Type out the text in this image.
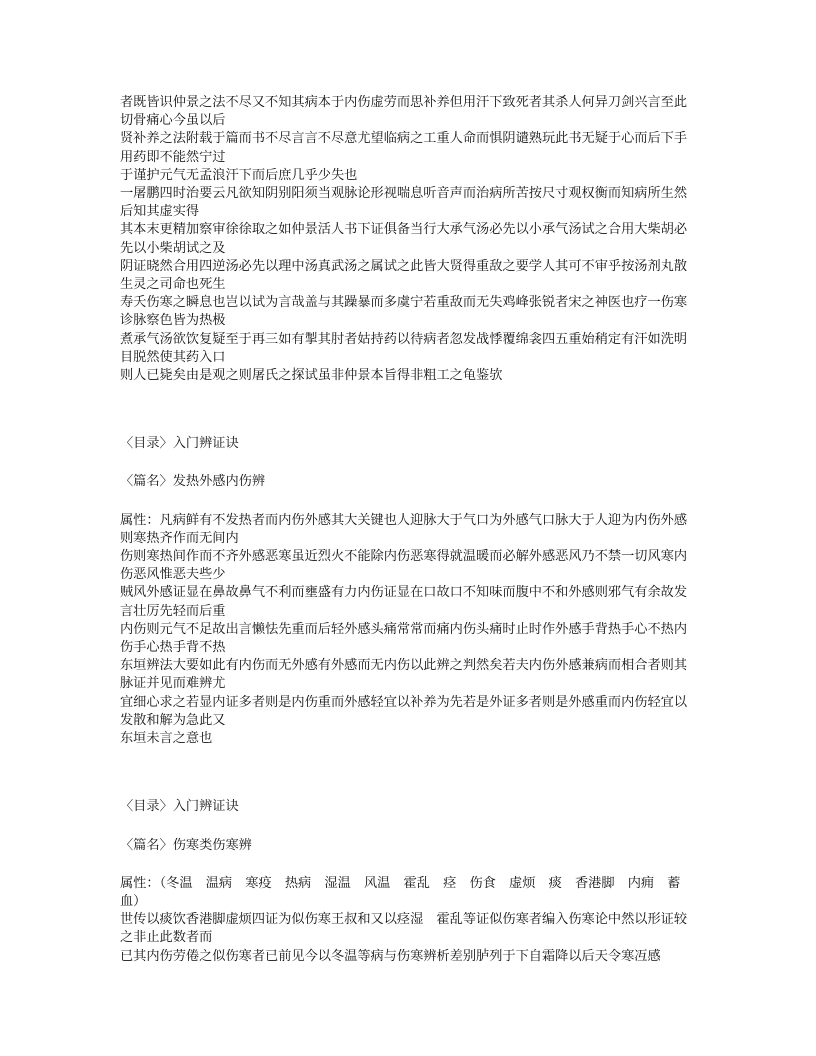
者既皆识仲景之法不尽又不知其病本于内伤虚劳而思补养但用汗下致死者其杀人何异刀剑兴言至此切骨痛心今虽以后

贤补养之法附载于篇而书不尽言言不尽意尤望临病之工重人命而惧阴谴熟玩此书无疑于心而后下手用药即不能然宁过

于谨护元气无孟浪汗下而后庶几乎少失也

一屠鹏四时治要云凡欲知阴别阳须当观脉论形视喘息听音声而治病所苦按尺寸观权衡而知病所生然后知其虚实得

其本末更精加察审徐徐取之如仲景活人书下证俱备当行大承气汤必先以小承气汤试之合用大柴胡必先以小柴胡试之及

阴证晓然合用四逆汤必先以理中汤真武汤之属试之此皆大贤得重敌之要学人其可不审乎按汤剂丸散生灵之司命也死生

寿夭伤寒之瞬息也岂以试为言哉盖与其躁暴而多虞宁若重敌而无失鸡峰张锐者宋之神医也疗一伤寒诊脉察色皆为热极

煮承气汤欲饮复疑至于再三如有掣其肘者姑持药以待病者忽发战悸覆绵衾四五重始稍定有汗如洗明目脱然使其药入口

则人已毙矣由是观之则屠氏之探试虽非仲景本旨得非粗工之龟鉴欤

〈目录〉入门辨证诀

〈篇名〉发热外感内伤辨

属性：凡病鲜有不发热者而内伤外感其大关键也人迎脉大于气口为外感气口脉大于人迎为内伤外感则寒热齐作而无间内

伤则寒热间作而不齐外感恶寒虽近烈火不能除内伤恶寒得就温暖而必解外感恶风乃不禁一切风寒内伤恶风惟恶夫些少

贼风外感证显在鼻故鼻气不利而壅盛有力内伤证显在口故口不知味而腹中不和外感则邪气有余故发言壮厉先轻而后重

内伤则元气不足故出言懒怯先重而后轻外感头痛常常而痛内伤头痛时止时作外感手背热手心不热内伤手心热手背不热

东垣辨法大要如此有内伤而无外感有外感而无内伤以此辨之判然矣若夫内伤外感兼病而相合者则其脉证并见而难辨尤

宜细心求之若显内证多者则是内伤重而外感轻宜以补养为先若是外证多者则是外感重而内伤轻宜以发散和解为急此又

东垣未言之意也

〈目录〉入门辨证诀

〈篇名〉伤寒类伤寒辨

属性：（冬温　温病　寒疫　热病　湿温　风温　霍乱　痉　伤食　虚烦　痰　香港脚　内痈　蓄血）

世传以痰饮香港脚虚烦四证为似伤寒王叔和又以痉湿　霍乱等证似伤寒者编入伤寒论中然以形证较之非止此数者而

已其内伤劳倦之似伤寒者已前见今以冬温等病与伤寒辨析差别胪列于下自霜降以后天令寒冱感
